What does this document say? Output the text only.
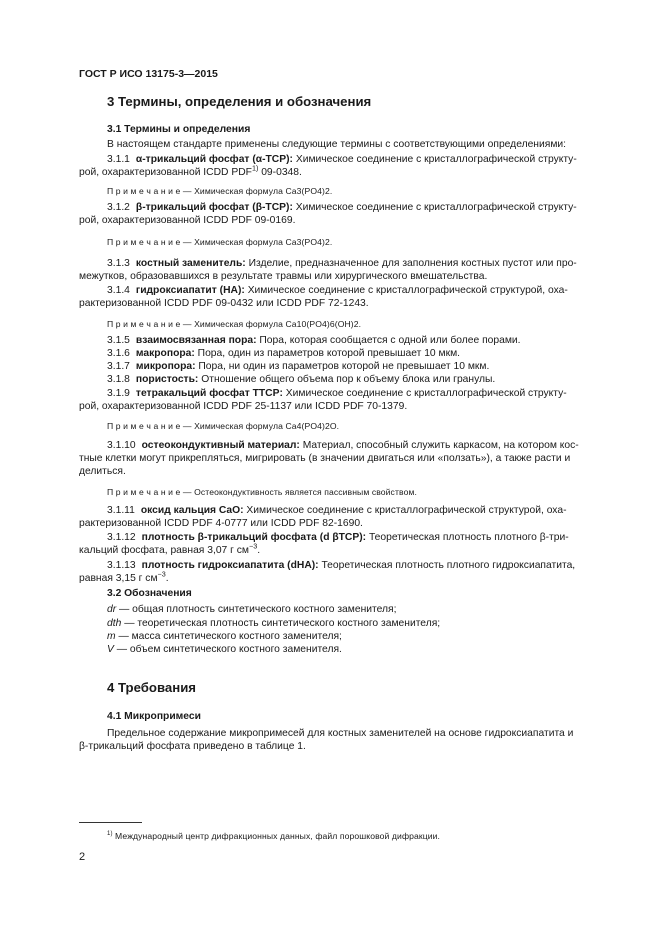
ГОСТ Р ИСО 13175-3—2015
3 Термины, определения и обозначения
3.1 Термины и определения
В настоящем стандарте применены следующие термины с соответствующими определениями:
3.1.1 α-трикальций фосфат (α-TCP): Химическое соединение с кристаллографической структу-
рой, охарактеризованной ICDD PDF$^{1)}$ 09-0348.
П р и м е ч а н и е — Химическая формула Ca3(PO4)2.
3.1.2 β-трикальций фосфат (β-TCP): Химическое соединение с кристаллографической структу-
рой, охарактеризованной ICDD PDF 09-0169.
П р и м е ч а н и е — Химическая формула Ca3(PO4)2.
3.1.3 костный заменитель: Изделие, предназначенное для заполнения костных пустот или про-
межутков, образовавшихся в результате травмы или хирургического вмешательства.
3.1.4 гидроксиапатит (HA): Химическое соединение с кристаллографической структурой, оха-
рактеризованной ICDD PDF 09-0432 или ICDD PDF 72-1243.
П р и м е ч а н и е — Химическая формула Ca10(PO4)6(OH)2.
3.1.5 взаимосвязанная пора: Пора, которая сообщается с одной или более порами.
3.1.6 макропора: Пора, один из параметров которой превышает 10 мкм.
3.1.7 микропора: Пора, ни один из параметров которой не превышает 10 мкм.
3.1.8 пористость: Отношение общего объема пор к объему блока или гранулы.
3.1.9 тетракальций фосфат TTCP: Химическое соединение с кристаллографической структу-
рой, охарактеризованной ICDD PDF 25-1137 или ICDD PDF 70-1379.
П р и м е ч а н и е — Химическая формула Ca4(PO4)2O.
3.1.10 остеокондуктивный материал: Материал, способный служить каркасом, на котором кос-
тные клетки могут прикрепляться, мигрировать (в значении двигаться или «ползать»), а также расти и
делиться.
П р и м е ч а н и е — Остеокондуктивность является пассивным свойством.
3.1.11 оксид кальция CaO: Химическое соединение с кристаллографической структурой, оха-
рактеризованной ICDD PDF 4-0777 или ICDD PDF 82-1690.
3.1.12 плотность β-трикальций фосфата (d βTCP): Теоретическая плотность плотного β-три-
кальций фосфата, равная 3,07 г $см^{-3}$.
3.1.13 плотность гидроксиапатита (dHA): Теоретическая плотность плотного гидроксиапатита,
равная 3,15 г $см^{-3}$.
3.2 Обозначения
dr — общая плотность синтетического костного заменителя;
dth — теоретическая плотность синтетического костного заменителя;
m — масса синтетического костного заменителя;
V — объем синтетического костного заменителя.
4 Требования
4.1 Микропримеси
Предельное содержание микропримесей для костных заменителей на основе гидроксиапатита и
β-трикальций фосфата приведено в таблице 1.
$^{1)}$ Международный центр дифракционных данных, файл порошковой дифракции.
2
